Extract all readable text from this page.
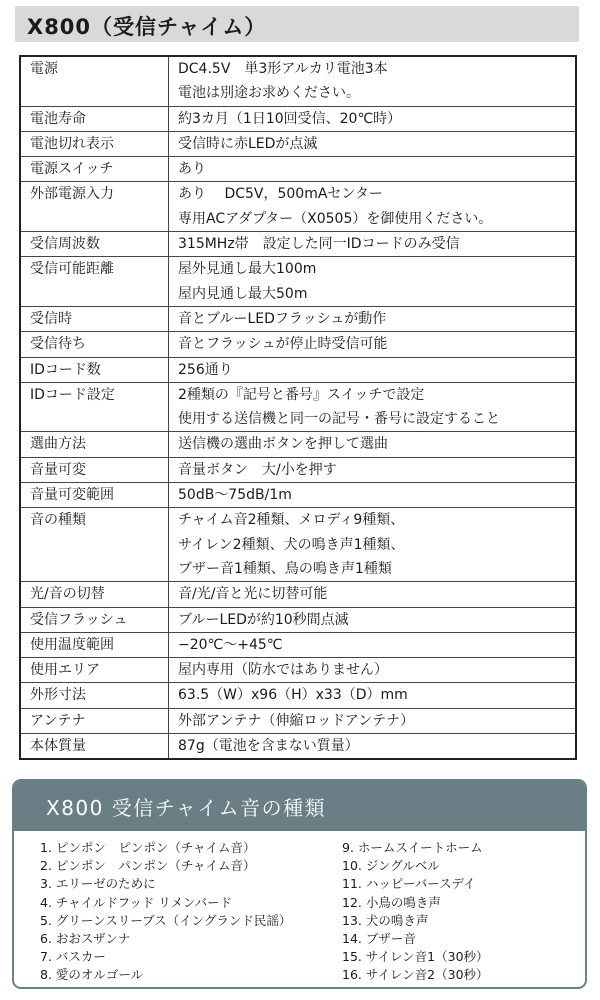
X800（受信チャイム）
電源	DC4.5V　単3形アルカリ電池3本
電池は別途お求めください。

電池寿命	約3カ月（1日10回受信、20℃時）

電池切れ表示	受信時に赤LEDが点滅

電源スイッチ	あり

外部電源入力	あり　 DC5V，500mAセンター
専用ACアダプター（X0505）を御使用ください。

受信周波数	315MHz帯　設定した同一IDコードのみ受信

受信可能距離	屋外見通し最大100m
屋内見通し最大50m

受信時	音とブルーLEDフラッシュが動作

受信待ち	音とフラッシュが停止時受信可能

IDコード数	256通り

IDコード設定	2種類の『記号と番号』スイッチで設定
使用する送信機と同一の記号・番号に設定すること

選曲方法	送信機の選曲ボタンを押して選曲

音量可変	音量ボタン　大/小を押す

音量可変範囲	50dB〜75dB/1m

音の種類	チャイム音2種類、メロディ9種類、
サイレン2種類、犬の鳴き声1種類、
ブザー音1種類、鳥の鳴き声1種類

光/音の切替	音/光/音と光に切替可能

受信フラッシュ	ブルーLEDが約10秒間点滅

使用温度範囲	−20℃〜+45℃

使用エリア	屋内専用（防水ではありません）

外形寸法	63.5（W）x96（H）x33（D）mm

アンテナ	外部アンテナ（伸縮ロッドアンテナ）

本体質量	87g（電池を含まない質量）
X800 受信チャイム音の種類
1. ピンポン　ピンポン（チャイム音）
2. ピンポン　パンポン（チャイム音）
3. エリーゼのために
4. チャイルドフッド リメンバード
5. グリーンスリーブス（イングランド民謡）
6. おおスザンナ
7. バスカー
8. 愛のオルゴール
9. ホームスイートホーム
10. ジングルベル
11. ハッピーバースデイ
12. 小鳥の鳴き声
13. 犬の鳴き声
14. ブザー音
15. サイレン音1（30秒）
16. サイレン音2（30秒）
